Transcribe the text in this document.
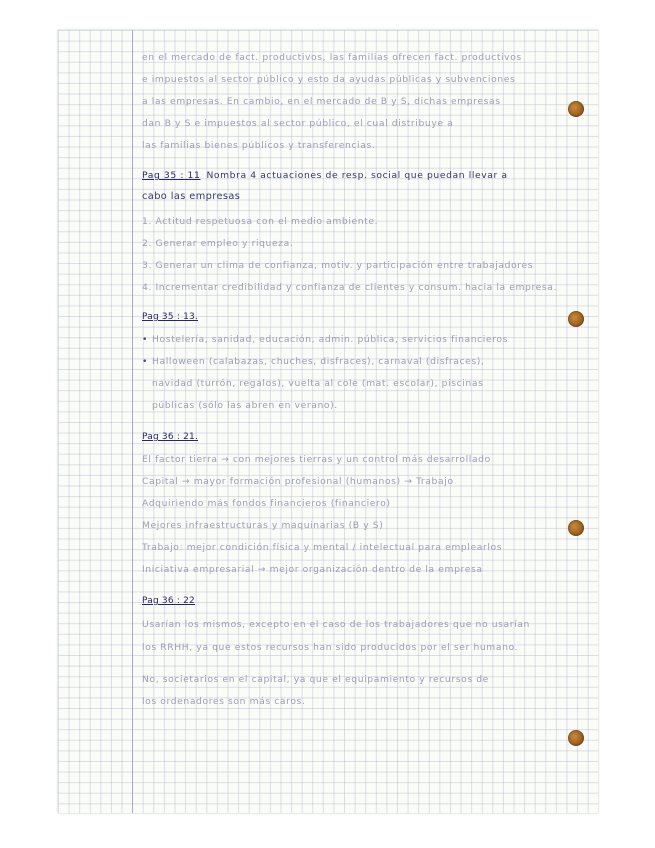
en el mercado de fact. productivos, las familias ofrecen fact. productivos
e impuestos al sector público y esto da ayudas públicas y subvenciones
a las empresas. En cambio, en el mercado de B y S, dichas empresas
dan B y S e impuestos al sector público, el cual distribuye a
las familias bienes públicos y transferencias.
Pag 35 : 11 Nombra 4 actuaciones de resp. social que puedan llevar a
cabo las empresas
1. Actitud respetuosa con el medio ambiente.
2. Generar empleo y riqueza.
3. Generar un clima de confianza, motiv. y participación entre trabajadores
4. Incrementar credibilidad y confianza de clientes y consum. hacia la empresa.
Pag 35 : 13.
• Hostelería, sanidad, educación, admin. pública, servicios financieros
• Halloween (calabazas, chuches, disfraces), carnaval (disfraces),
navidad (turrón, regalos), vuelta al cole (mat. escolar), piscinas
públicas (sólo las abren en verano).
Pag 36 : 21.
El factor tierra → con mejores tierras y un control más desarrollado
Capital → mayor formación profesional (humanos) → Trabajo
Adquiriendo más fondos financieros (financiero)
Mejores infraestructuras y maquinarias (B y S)
Trabajo: mejor condición física y mental / intelectual para emplearlos
Iniciativa empresarial → mejor organización dentro de la empresa
Pag 36 : 22
Usarían los mismos, excepto en el caso de los trabajadores que no usarían
los RRHH, ya que estos recursos han sido producidos por el ser humano.
No, societarios en el capital, ya que el equipamiento y recursos de
los ordenadores son más caros.
